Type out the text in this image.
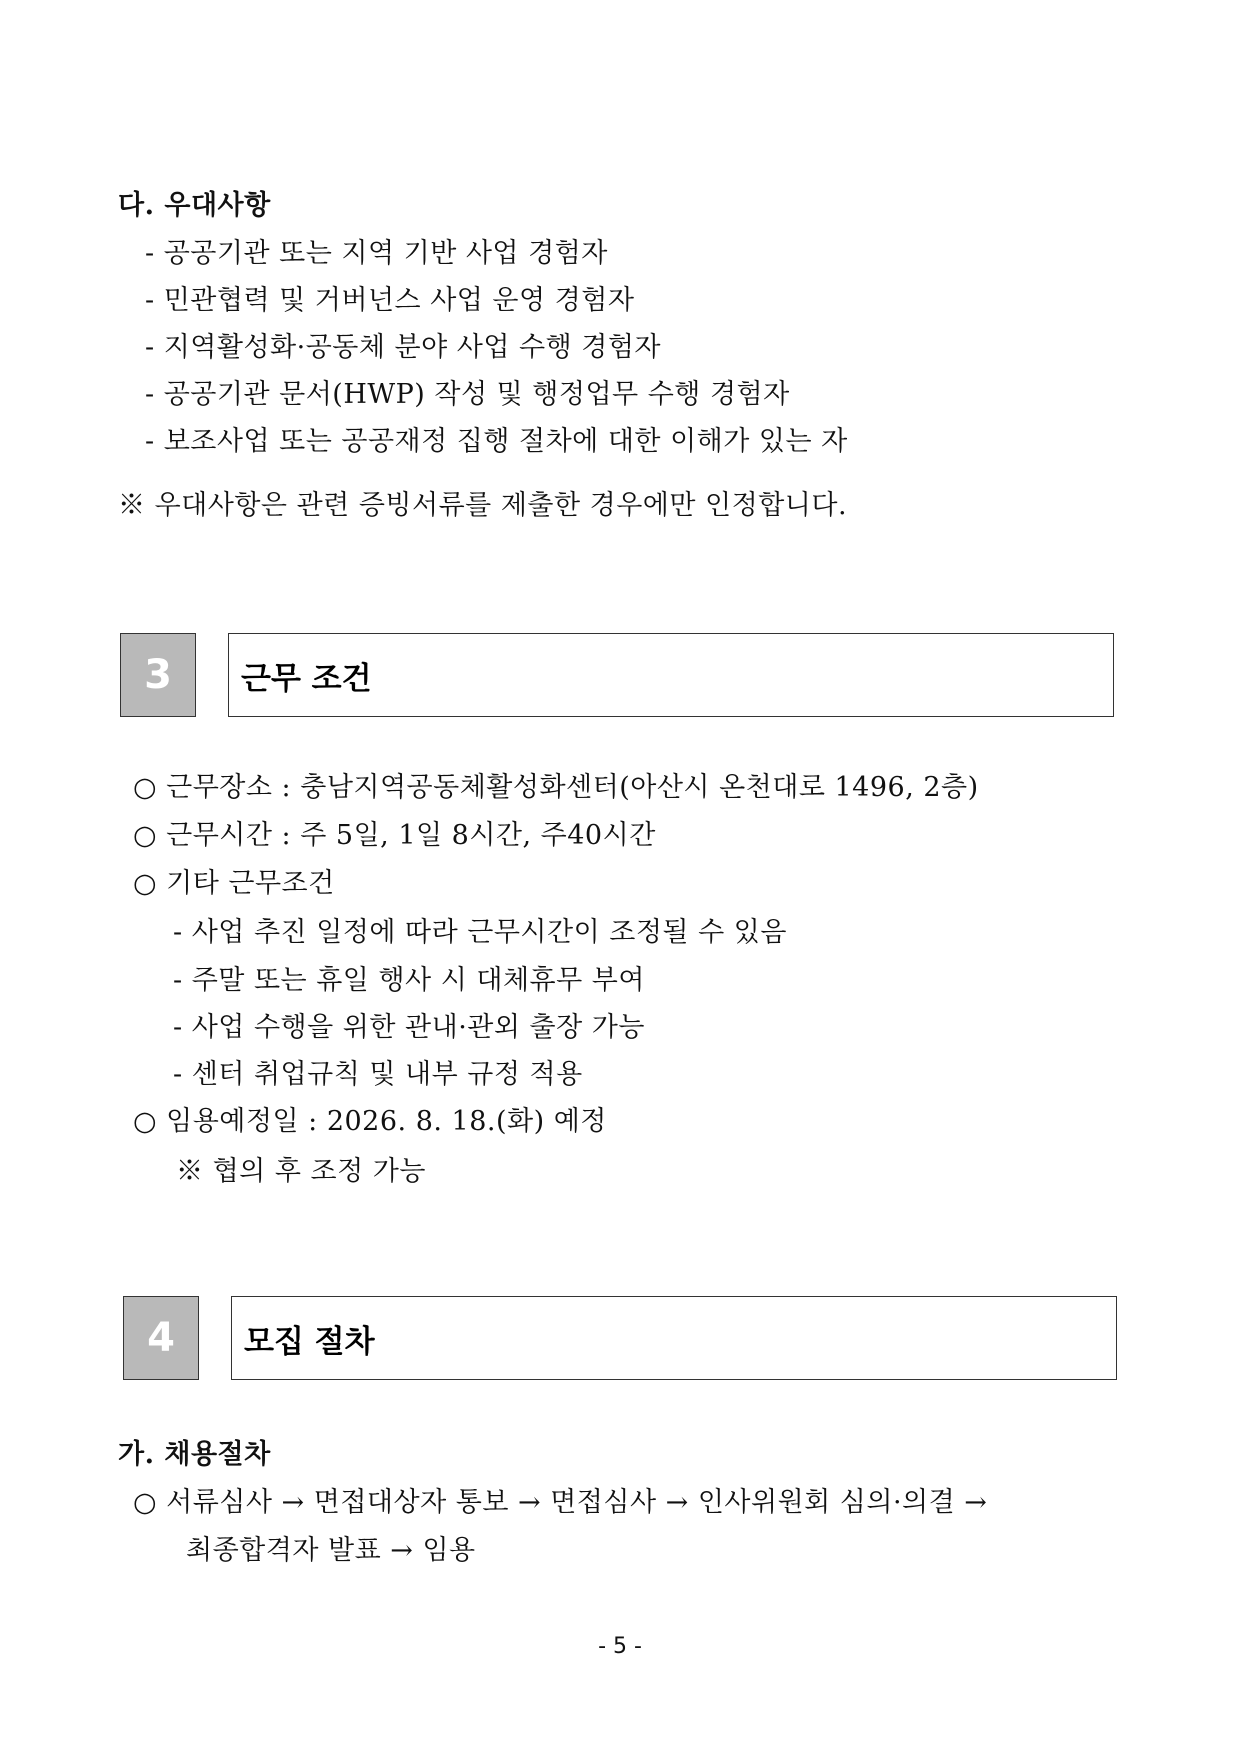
다. 우대사항
- 공공기관 또는 지역 기반 사업 경험자
- 민관협력 및 거버넌스 사업 운영 경험자
- 지역활성화·공동체 분야 사업 수행 경험자
- 공공기관 문서(HWP) 작성 및 행정업무 수행 경험자
- 보조사업 또는 공공재정 집행 절차에 대한 이해가 있는 자
※ 우대사항은 관련 증빙서류를 제출한 경우에만 인정합니다.
3	근무 조건
○ 근무장소 : 충남지역공동체활성화센터(아산시 온천대로 1496, 2층)
○ 근무시간 : 주 5일, 1일 8시간, 주40시간
○ 기타 근무조건
- 사업 추진 일정에 따라 근무시간이 조정될 수 있음
- 주말 또는 휴일 행사 시 대체휴무 부여
- 사업 수행을 위한 관내·관외 출장 가능
- 센터 취업규칙 및 내부 규정 적용
○ 임용예정일 : 2026. 8. 18.(화) 예정
※ 협의 후 조정 가능
4	모집 절차
가. 채용절차
○ 서류심사 → 면접대상자 통보 → 면접심사 → 인사위원회 심의·의결 →
최종합격자 발표 → 임용
- 5 -
